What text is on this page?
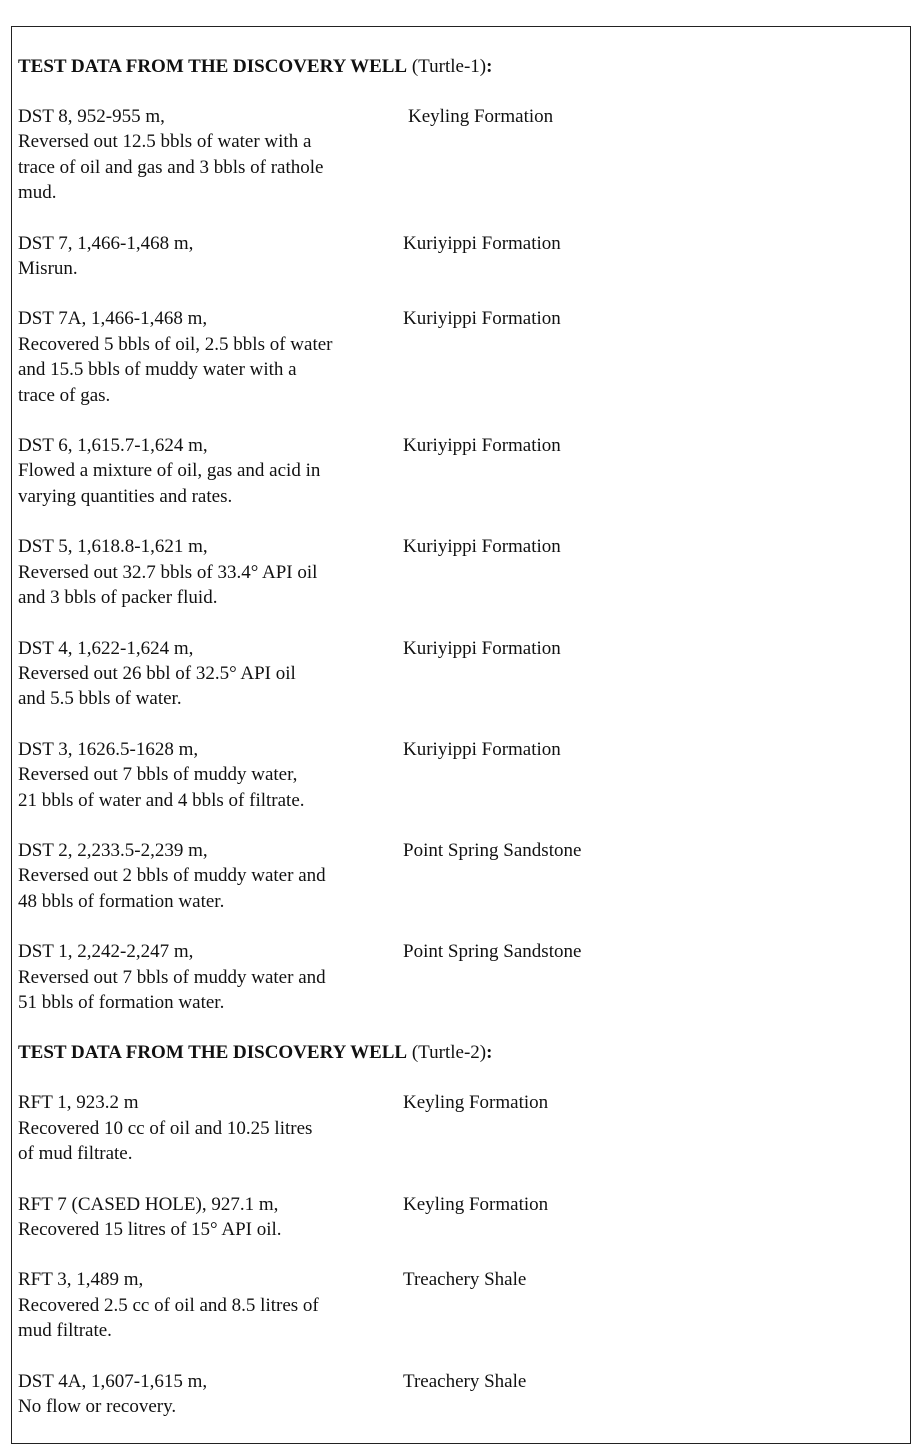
TEST DATA FROM THE DISCOVERY WELL (Turtle-1):
DST 8, 952-955 m,
Reversed out 12.5 bbls of water with a
trace of oil and gas and 3 bbls of rathole
mud.
Keyling Formation
DST 7, 1,466-1,468 m,
Misrun.
Kuriyippi Formation
DST 7A, 1,466-1,468 m,
Recovered 5 bbls of oil, 2.5 bbls of water
and 15.5 bbls of muddy water with a
trace of gas.
Kuriyippi Formation
DST 6, 1,615.7-1,624 m,
Flowed a mixture of oil, gas and acid in
varying quantities and rates.
Kuriyippi Formation
DST 5, 1,618.8-1,621 m,
Reversed out 32.7 bbls of 33.4° API oil
and 3 bbls of packer fluid.
Kuriyippi Formation
DST 4, 1,622-1,624 m,
Reversed out 26 bbl of 32.5° API oil
and 5.5 bbls of water.
Kuriyippi Formation
DST 3, 1626.5-1628 m,
Reversed out 7 bbls of muddy water,
21 bbls of water and 4 bbls of filtrate.
Kuriyippi Formation
DST 2, 2,233.5-2,239 m,
Reversed out 2 bbls of muddy water and
48 bbls of formation water.
Point Spring Sandstone
DST 1, 2,242-2,247 m,
Reversed out 7 bbls of muddy water and
51 bbls of formation water.
Point Spring Sandstone
TEST DATA FROM THE DISCOVERY WELL (Turtle-2):
RFT 1, 923.2 m
Recovered 10 cc of oil and 10.25 litres
of mud filtrate.
Keyling Formation
RFT 7 (CASED HOLE), 927.1 m,
Recovered 15 litres of 15° API oil.
Keyling Formation
RFT 3, 1,489 m,
Recovered 2.5 cc of oil and 8.5 litres of
mud filtrate.
Treachery Shale
DST 4A, 1,607-1,615 m,
No flow or recovery.
Treachery Shale
